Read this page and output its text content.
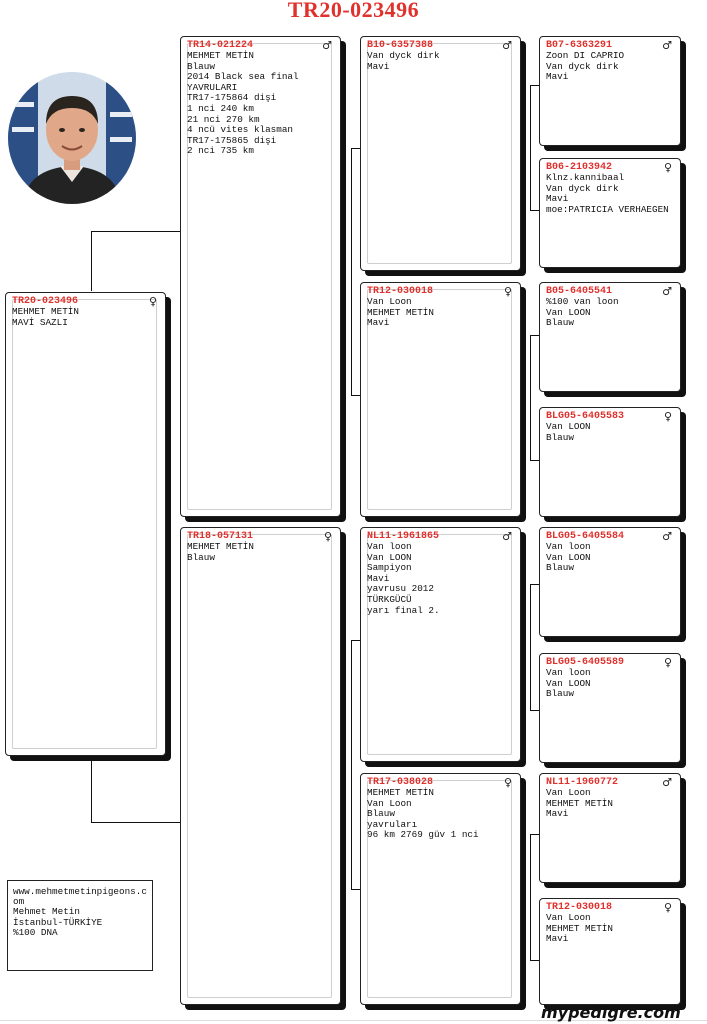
TR20-023496
TR20-023496
MEHMET METİN
MAVİ SAZLI
♀
TR14-021224
MEHMET METİN
Blauw
2014 Black sea final
YAVRULARI
TR17-175864 dişi
1 nci 240 km
21 nci 270 km
4 ncü vites klasman
TR17-175865 dişi
2 nci 735 km
♂
TR18-057131
MEHMET METİN
Blauw
♀
B10-6357388
Van dyck dirk
Mavi
♂
TR12-030018
Van Loon
MEHMET METİN
Mavi
♀
NL11-1961865
Van loon
Van LOON
Sampiyon
Mavi
yavrusu 2012
TÜRKGÜCÜ
yarı final 2.
♂
TR17-038028
MEHMET METİN
Van Loon
Blauw
yavruları
96 km 2769 güv 1 nci
♀
B07-6363291
Zoon DI CAPRIO
Van dyck dirk
Mavi
♂
B06-2103942
Klnz.kannibaal
Van dyck dirk
Mavi
moe:PATRICIA VERHAEGEN
♀
B05-6405541
%100 van loon
Van LOON
Blauw
♂
BLG05-6405583
Van LOON
Blauw
♀
BLG05-6405584
Van loon
Van LOON
Blauw
♂
BLG05-6405589
Van loon
Van LOON
Blauw
♀
NL11-1960772
Van Loon
MEHMET METİN
Mavi
♂
TR12-030018
Van Loon
MEHMET METİN
Mavi
♀
www.mehmetmetinpigeons.com
Mehmet Metin
İstanbul-TÜRKİYE
%100 DNA
mypedigre.com
